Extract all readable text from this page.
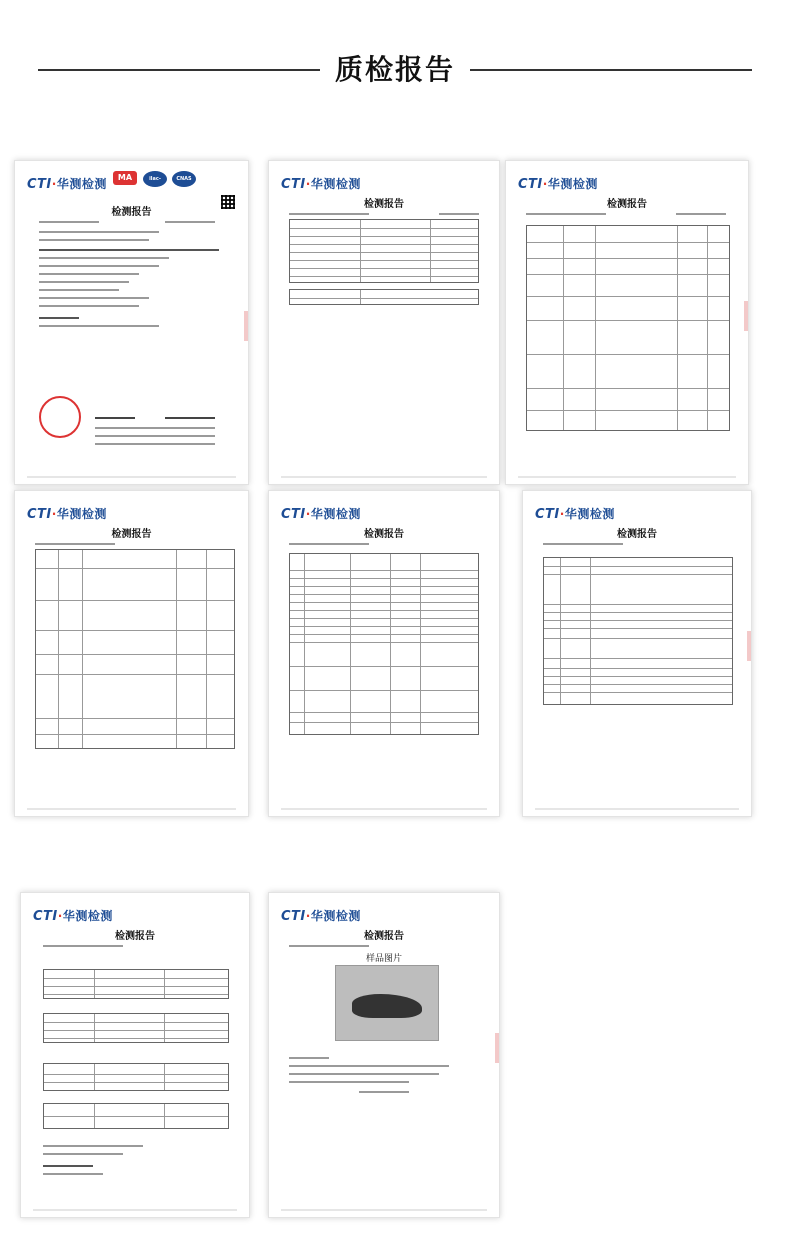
质检报告
CTI·华测检测	MA	ilac-MRA
CNAS
检测报告
CTI·华测检测
检测报告
CTI·华测检测
检测报告
CTI·华测检测
检测报告
CTI·华测检测
检测报告
CTI·华测检测
检测报告
CTI·华测检测
检测报告
CTI·华测检测
检测报告
样品图片
